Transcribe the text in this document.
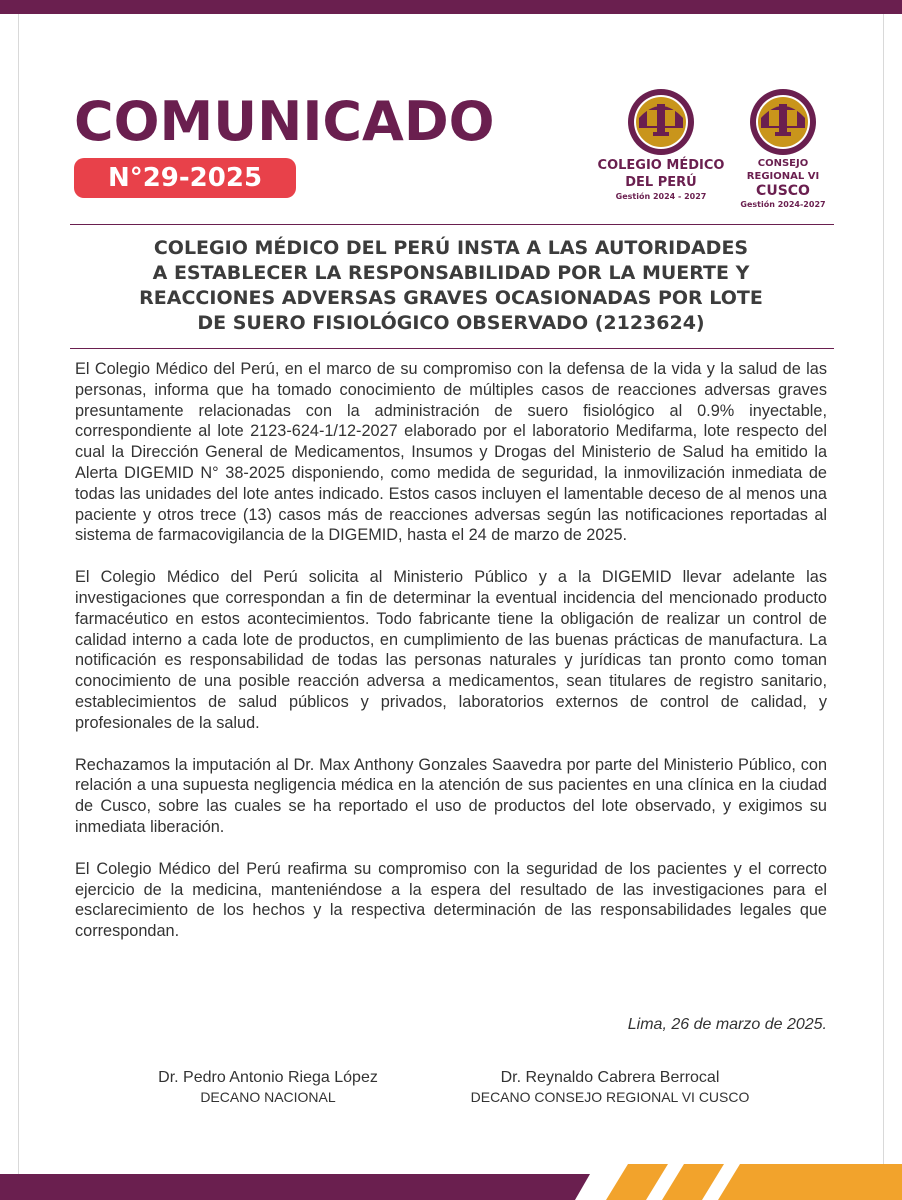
COMUNICADO
N°29-2025	COLEGIO MÉDICO
DEL PERÚ
Gestión 2024 - 2027
CONSEJO
REGIONAL VI
CUSCO
Gestión 2024-2027
COLEGIO MÉDICO DEL PERÚ INSTA A LAS AUTORIDADES
A ESTABLECER LA RESPONSABILIDAD POR LA MUERTE Y
REACCIONES ADVERSAS GRAVES OCASIONADAS POR LOTE
DE SUERO FISIOLÓGICO OBSERVADO (2123624)

El Colegio Médico del Perú, en el marco de su compromiso con la defensa de la vida y la salud de las personas, informa que ha tomado conocimiento de múltiples casos de reacciones adversas graves presuntamente relacionadas con la administración de suero fisiológico al 0.9% inyectable, correspondiente al lote 2123-624-1/12-2027 elaborado por el laboratorio Medifarma, lote respecto del cual la Dirección General de Medicamentos, Insumos y Drogas del Ministerio de Salud ha emitido la Alerta DIGEMID N° 38-2025 disponiendo, como medida de seguridad, la inmovilización inmediata de todas las unidades del lote antes indicado. Estos casos incluyen el lamentable deceso de al menos una paciente y otros trece (13) casos más de reacciones adversas según las notificaciones reportadas al sistema de farmacovigilancia de la DIGEMID, hasta el 24 de marzo de 2025.

El Colegio Médico del Perú solicita al Ministerio Público y a la DIGEMID llevar adelante las investigaciones que correspondan a fin de determinar la eventual incidencia del mencionado producto farmacéutico en estos acontecimientos. Todo fabricante tiene la obligación de realizar un control de calidad interno a cada lote de productos, en cumplimiento de las buenas prácticas de manufactura. La notificación es responsabilidad de todas las personas naturales y jurídicas tan pronto como toman conocimiento de una posible reacción adversa a medicamentos, sean titulares de registro sanitario, establecimientos de salud públicos y privados, laboratorios externos de control de calidad, y profesionales de la salud.

Rechazamos la imputación al Dr. Max Anthony Gonzales Saavedra por parte del Ministerio Público, con relación a una supuesta negligencia médica en la atención de sus pacientes en una clínica en la ciudad de Cusco, sobre las cuales se ha reportado el uso de productos del lote observado, y exigimos su inmediata liberación.

El Colegio Médico del Perú reafirma su compromiso con la seguridad de los pacientes y el correcto ejercicio de la medicina, manteniéndose a la espera del resultado de las investigaciones para el esclarecimiento de los hechos y la respectiva determinación de las responsabilidades legales que correspondan.

Lima, 26 de marzo de 2025.
Dr. Pedro Antonio Riega López
DECANO NACIONAL
Dr. Reynaldo Cabrera Berrocal
DECANO CONSEJO REGIONAL VI CUSCO
